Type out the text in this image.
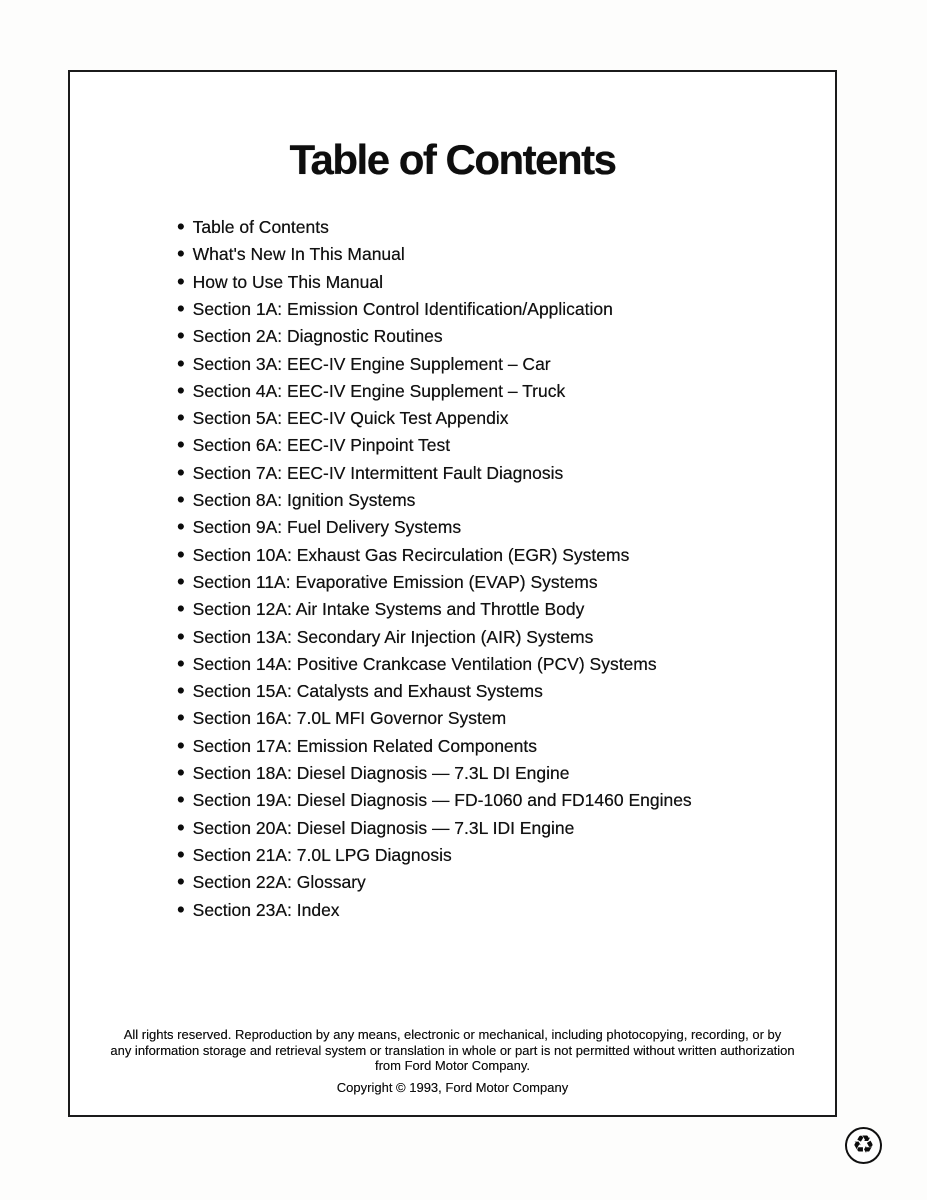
Table of Contents
• Table of Contents
• What's New In This Manual
• How to Use This Manual
• Section 1A: Emission Control Identification/Application
• Section 2A: Diagnostic Routines
• Section 3A: EEC-IV Engine Supplement – Car
• Section 4A: EEC-IV Engine Supplement – Truck
• Section 5A: EEC-IV Quick Test Appendix
• Section 6A: EEC-IV Pinpoint Test
• Section 7A: EEC-IV Intermittent Fault Diagnosis
• Section 8A: Ignition Systems
• Section 9A: Fuel Delivery Systems
• Section 10A: Exhaust Gas Recirculation (EGR) Systems
• Section 11A: Evaporative Emission (EVAP) Systems
• Section 12A: Air Intake Systems and Throttle Body
• Section 13A: Secondary Air Injection (AIR) Systems
• Section 14A: Positive Crankcase Ventilation (PCV) Systems
• Section 15A: Catalysts and Exhaust Systems
• Section 16A: 7.0L MFI Governor System
• Section 17A: Emission Related Components
• Section 18A: Diesel Diagnosis — 7.3L DI Engine
• Section 19A: Diesel Diagnosis — FD-1060 and FD1460 Engines
• Section 20A: Diesel Diagnosis — 7.3L IDI Engine
• Section 21A: 7.0L LPG Diagnosis
• Section 22A: Glossary
• Section 23A: Index
All rights reserved. Reproduction by any means, electronic or mechanical, including photocopying, recording, or by
any information storage and retrieval system or translation in whole or part is not permitted without written authorization
from Ford Motor Company.
Copyright © 1993, Ford Motor Company
♻
